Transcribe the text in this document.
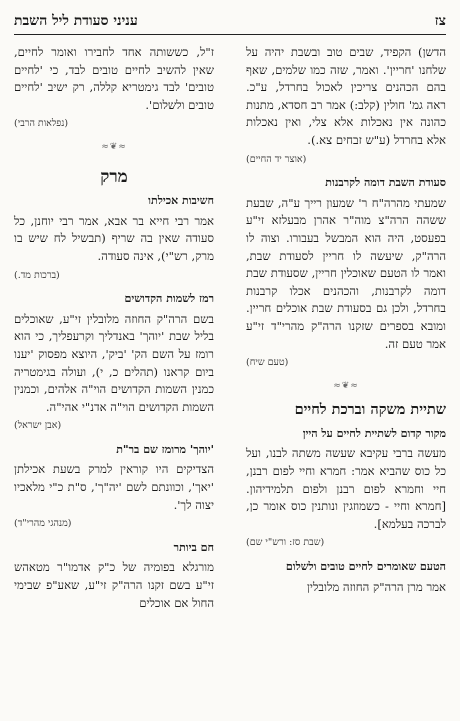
צז
עניני סעודת ליל השבת

הדשן) הקפיד, שבים טוב ובשבת יהיה על שלחנו 'חריין'. ואמר, שזה כמו שלמים, שאף בהם הכהנים צריכין לאכול בחרדל, ע"כ. ראה גמ' חולין (קלב:) אמר רב חסדא, מתנות כהונה אין נאכלות אלא צלי, ואין נאכלות אלא בחרדל (ע"ש זבחים צא.).

(אוצר יד החיים)

סעודת השבת דומה לקרבנות

שמעתי מהרה"ח ר' שמעון רייך ע"ה, שבעת ששהה הרה"צ מוה"ר אהרן מבעלזא זי"ע בפעסט, היה הוא המבשל בעבורו. וצוה לו הרה"ק, שיעשה לו חריין לסעודת שבת, ואמר לו הטעם שאוכלין חריין, שסעודת שבת דומה לקרבנות, והכהנים אכלו קרבנות בחרדל, ולכן גם בסעודת שבת אוכלים חריין. ומובא בספרים שזקנו הרה"ק מהרי"ד זי"ע אמר טעם זה.

(טעם שיח)

≈❦≈

שתיית משקה וברכת לחיים

מקור קדום לשתיית לחיים על היין

מעשה ברבי עקיבא שעשה משתה לבנו, ועל כל כוס שהביא אמר: חמרא וחיי לפום רבנן, חיי וחמרא לפום רבנן ולפום תלמידיהון. [חמרא וחיי - כשמוזגין ונותנין כוס אומר כן, לברכה בעלמא].

(שבת סז: ורש"י שם)

הטעם שאומרים לחיים טובים ולשלום

אמר מרן הרה"ק החוזה מלובלין

ז"ל, כששותה אחד לחבירו ואומר לחיים, שאין להשיב לחיים טובים לבד, כי 'לחיים טובים' לבד גימטריא קללה, רק ישיב 'לחיים טובים ולשלום'.

(נפלאות הרבי)

≈❦≈

מרק

חשיבות אכילתו

אמר רבי חייא בר אבא, אמר רבי יוחנן, כל סעודה שאין בה שריף (תבשיל לח שיש בו מרק, רש"י), אינה סעודה.

(ברכות מד.)

רמז לשמות הקדושים

בשם הרה"ק החוזה מלובלין זי"ע, שאוכלים בליל שבת 'יוהך' באנדליך וקרעפליך, כי הוא רומז על השם הק' 'ביק', היוצא מפסוק 'יענו ביום קראנו (תהלים כ, י), ועולה בגימטריה כמנין השמות הקדושים הוי"ה אלהים, וכמנין השמות הקדושים הוי"ה אדנ"י אהי"ה.

(אבן ישראל)

'יוהך' מרומז שם בר"ת

הצדיקים היו קוראין למרק בשעת אכילתן 'יאך', וכוונתם לשם 'יה"ך', ס"ת כ"י מלאכיו יצוה לך'.

(מנהגי מהרי"ד)

חם ביותר

מורגלא בפומיה של כ"ק אדמו"ר מטאהש זי"ע בשם זקנו הרה"ק זי"ע, שאע"פ שבימי החול אם אוכלים
